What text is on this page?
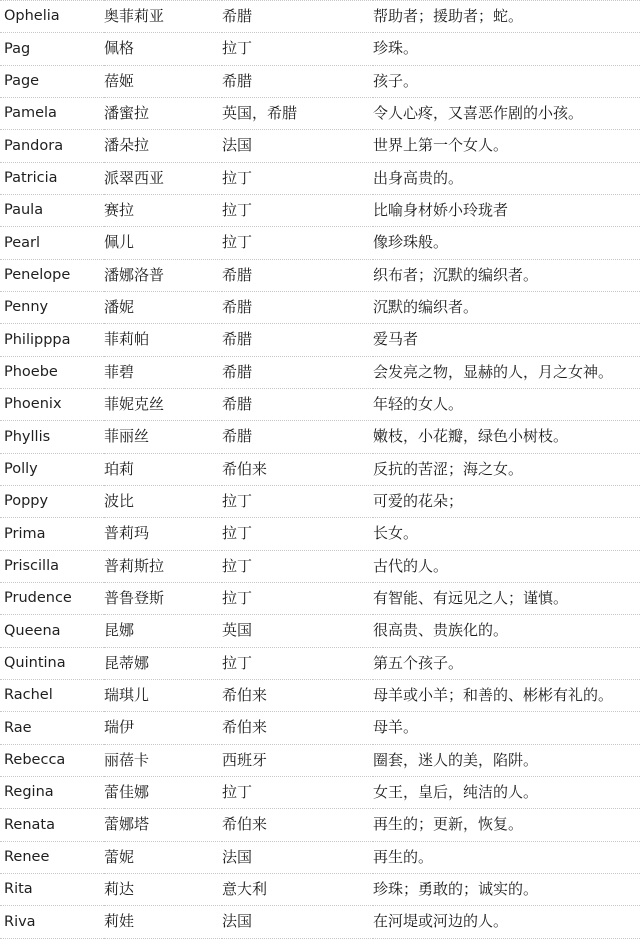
Ophelia	奥菲莉亚	希腊	帮助者；援助者；蛇。
Pag	佩格	拉丁	珍珠。
Page	蓓姬	希腊	孩子。
Pamela	潘蜜拉	英国，希腊	令人心疼，又喜恶作剧的小孩。
Pandora	潘朵拉	法国	世界上第一个女人。
Patricia	派翠西亚	拉丁	出身高贵的。
Paula	赛拉	拉丁	比喻身材娇小玲珑者
Pearl	佩儿	拉丁	像珍珠般。
Penelope	潘娜洛普	希腊	织布者；沉默的编织者。
Penny	潘妮	希腊	沉默的编织者。
Philipppa	菲莉帕	希腊	爱马者
Phoebe	菲碧	希腊	会发亮之物，显赫的人，月之女神。
Phoenix	菲妮克丝	希腊	年轻的女人。
Phyllis	菲丽丝	希腊	嫩枝，小花瓣，绿色小树枝。
Polly	珀莉	希伯来	反抗的苦涩；海之女。
Poppy	波比	拉丁	可爱的花朵；
Prima	普莉玛	拉丁	长女。
Priscilla	普莉斯拉	拉丁	古代的人。
Prudence	普鲁登斯	拉丁	有智能、有远见之人；谨慎。
Queena	昆娜	英国	很高贵、贵族化的。
Quintina	昆蒂娜	拉丁	第五个孩子。
Rachel	瑞琪儿	希伯来	母羊或小羊；和善的、彬彬有礼的。
Rae	瑞伊	希伯来	母羊。
Rebecca	丽蓓卡	西班牙	圈套，迷人的美，陷阱。
Regina	蕾佳娜	拉丁	女王，皇后，纯洁的人。
Renata	蕾娜塔	希伯来	再生的；更新，恢复。
Renee	蕾妮	法国	再生的。
Rita	莉达	意大利	珍珠；勇敢的；诚实的。
Riva	莉娃	法国	在河堤或河边的人。
